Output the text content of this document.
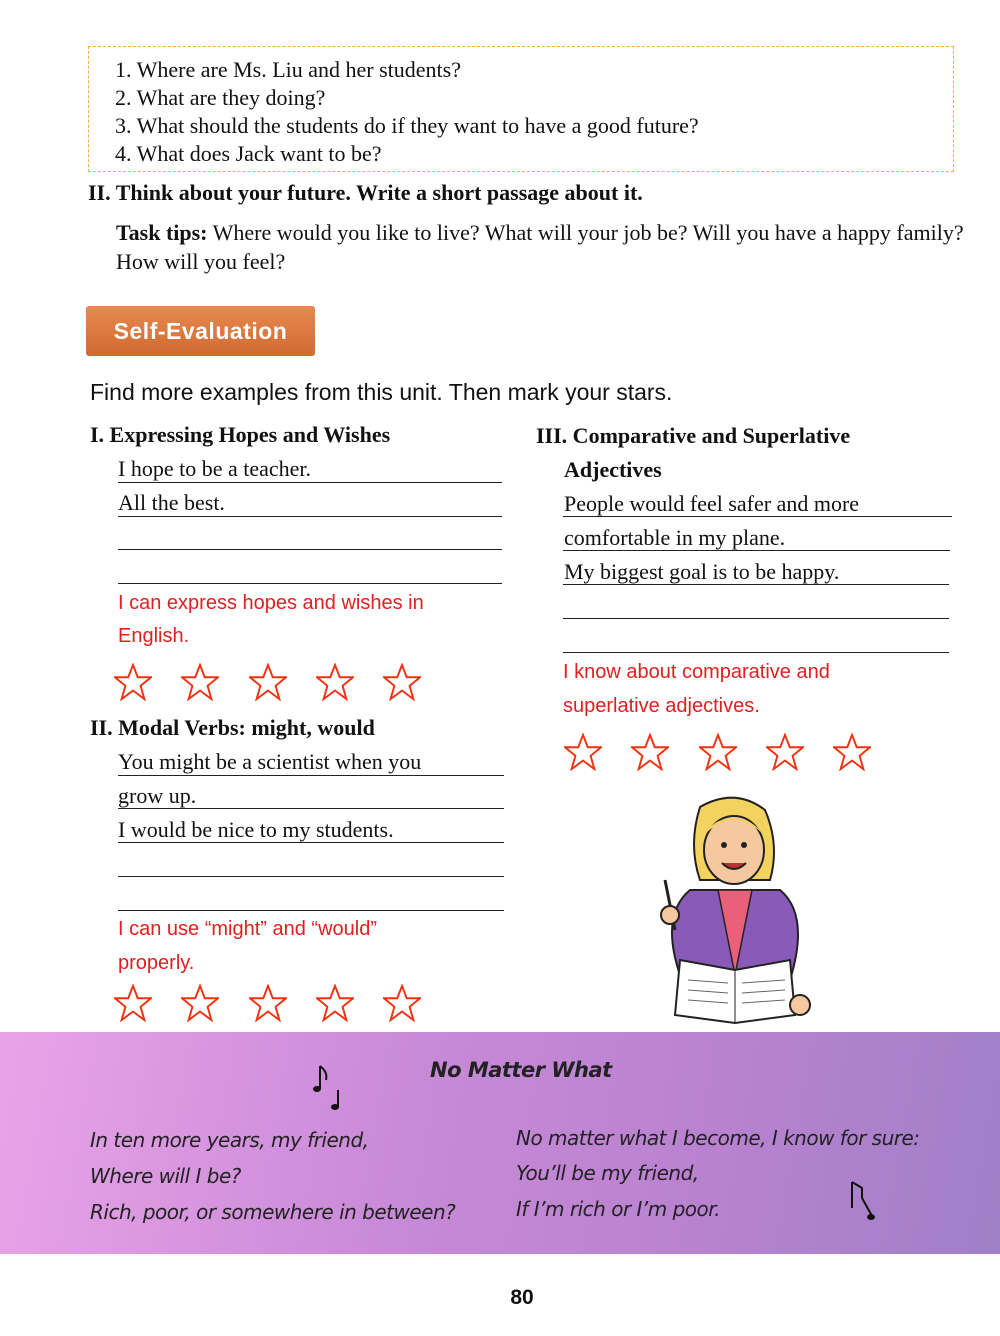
1. Where are Ms. Liu and her students?
2. What are they doing?
3. What should the students do if they want to have a good future?
4. What does Jack want to be?
II. Think about your future. Write a short passage about it.
Task tips: Where would you like to live? What will your job be? Will you have a happy family? How will you feel?
Self-Evaluation
Find more examples from this unit. Then mark your stars.
I. Expressing Hopes and Wishes
I hope to be a teacher.
All the best.
I can express hopes and wishes in
English.
II. Modal Verbs: might, would
You might be a scientist when you
grow up.
I would be nice to my students.
I can use “might” and “would”
properly.
III. Comparative and Superlative
Adjectives
People would feel safer and more
comfortable in my plane.
My biggest goal is to be happy.
I know about comparative and
superlative adjectives.
No Matter What
In ten more years, my friend,
Where will I be?
Rich, poor, or somewhere in between?
No matter what I become, I know for sure:
You’ll be my friend,
If I’m rich or I’m poor.
80
